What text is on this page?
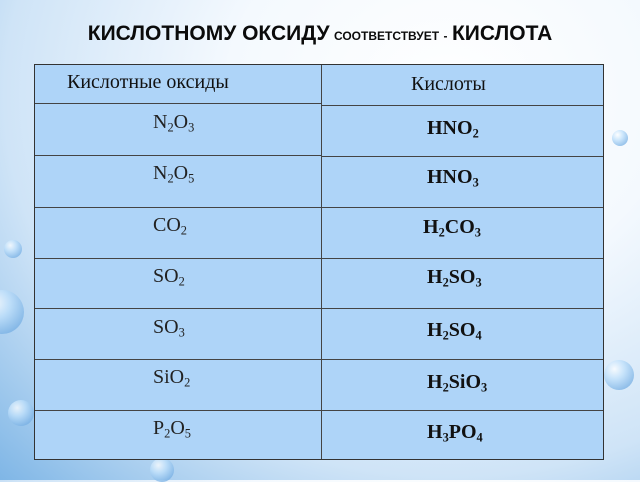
КИСЛОТНОМУ ОКСИДУ СООТВЕТСТВУЕТ - КИСЛОТА
Кислотные оксиды	Кислоты
$N_2O_3$
$N_2O_5$
$CO_2$
$SO_2$
$SO_3$
SiO$_2$
$P_2O_5$
$HNO_2$
$HNO_3$
$H_2CO_3$
$H_2SO_3$
$H_2SO_4$
$H_2SiO_3$
$H_3PO_4$
